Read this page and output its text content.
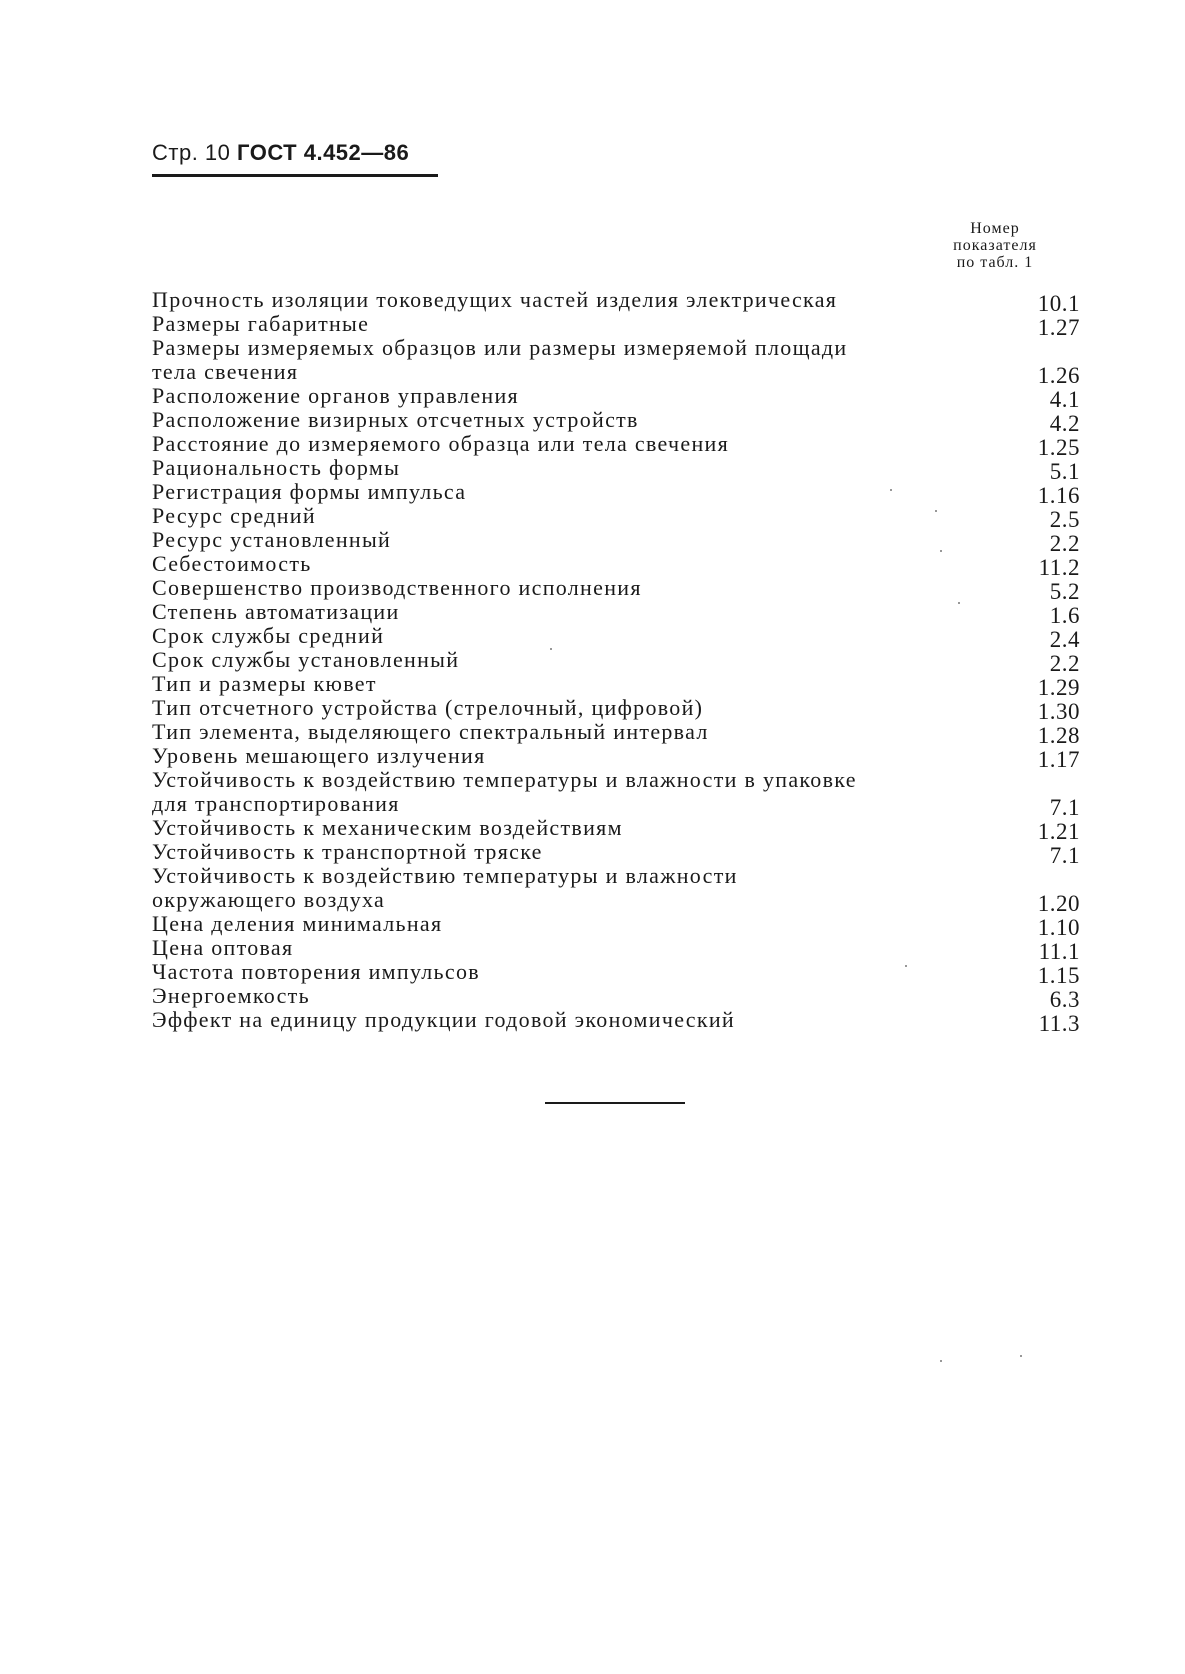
Стр. 10 ГОСТ 4.452—86
Номер
показателя
по табл. 1
Прочность изоляции токоведущих частей изделия электрическая	10.1
Размеры габаритные	1.27
Размеры измеряемых образцов или размеры измеряемой площади
тела свечения	1.26
Расположение органов управления	4.1
Расположение визирных отсчетных устройств	4.2
Расстояние до измеряемого образца или тела свечения	1.25
Рациональность формы	5.1
Регистрация формы импульса	1.16
Ресурс средний	2.5
Ресурс установленный	2.2
Себестоимость	11.2
Совершенство производственного исполнения	5.2
Степень автоматизации	1.6
Срок службы средний	2.4
Срок службы установленный	2.2
Тип и размеры кювет	1.29
Тип отсчетного устройства (стрелочный, цифровой)	1.30
Тип элемента, выделяющего спектральный интервал	1.28
Уровень мешающего излучения	1.17
Устойчивость к воздействию температуры и влажности в упаковке
для транспортирования	7.1
Устойчивость к механическим воздействиям	1.21
Устойчивость к транспортной тряске	7.1
Устойчивость к воздействию температуры и влажности
окружающего воздуха	1.20
Цена деления минимальная	1.10
Цена оптовая	11.1
Частота повторения импульсов	1.15
Энергоемкость	6.3
Эффект на единицу продукции годовой экономический	11.3
